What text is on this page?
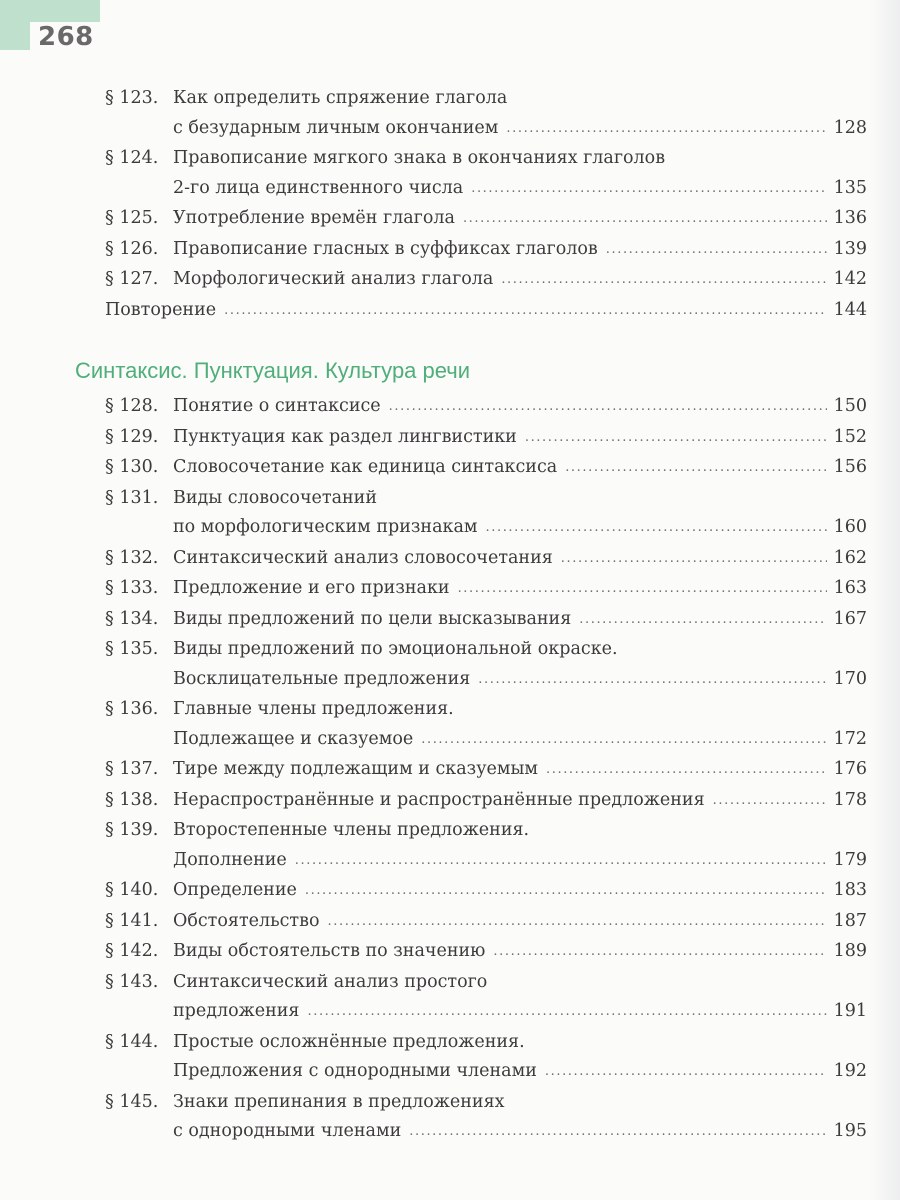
268
§ 123. Как определить спряжение глагола
с безударным личным окончанием .....	128
§ 124. Правописание мягкого знака в окончаниях глаголов
2-го лица единственного числа .....	135
§ 125. Употребление времён глагола .....	136
§ 126. Правописание гласных в суффиксах глаголов .....	139
§ 127. Морфологический анализ глагола .....	142
Повторение .....	144
Синтаксис. Пунктуация. Культура речи
§ 128. Понятие о синтаксисе .....	150
§ 129. Пунктуация как раздел лингвистики .....	152
§ 130. Словосочетание как единица синтаксиса .....	156
§ 131. Виды словосочетаний
по морфологическим признакам .....	160
§ 132. Синтаксический анализ словосочетания .....	162
§ 133. Предложение и его признаки .....	163
§ 134. Виды предложений по цели высказывания .....	167
§ 135. Виды предложений по эмоциональной окраске.
Восклицательные предложения .....	170
§ 136. Главные члены предложения.
Подлежащее и сказуемое .....	172
§ 137. Тире между подлежащим и сказуемым .....	176
§ 138. Нераспространённые и распространённые предложения .....	178
§ 139. Второстепенные члены предложения.
Дополнение .....	179
§ 140. Определение .....	183
§ 141. Обстоятельство .....	187
§ 142. Виды обстоятельств по значению .....	189
§ 143. Синтаксический анализ простого
предложения .....	191
§ 144. Простые осложнённые предложения.
Предложения с однородными членами .....	192
§ 145. Знаки препинания в предложениях
с однородными членами .....	195
